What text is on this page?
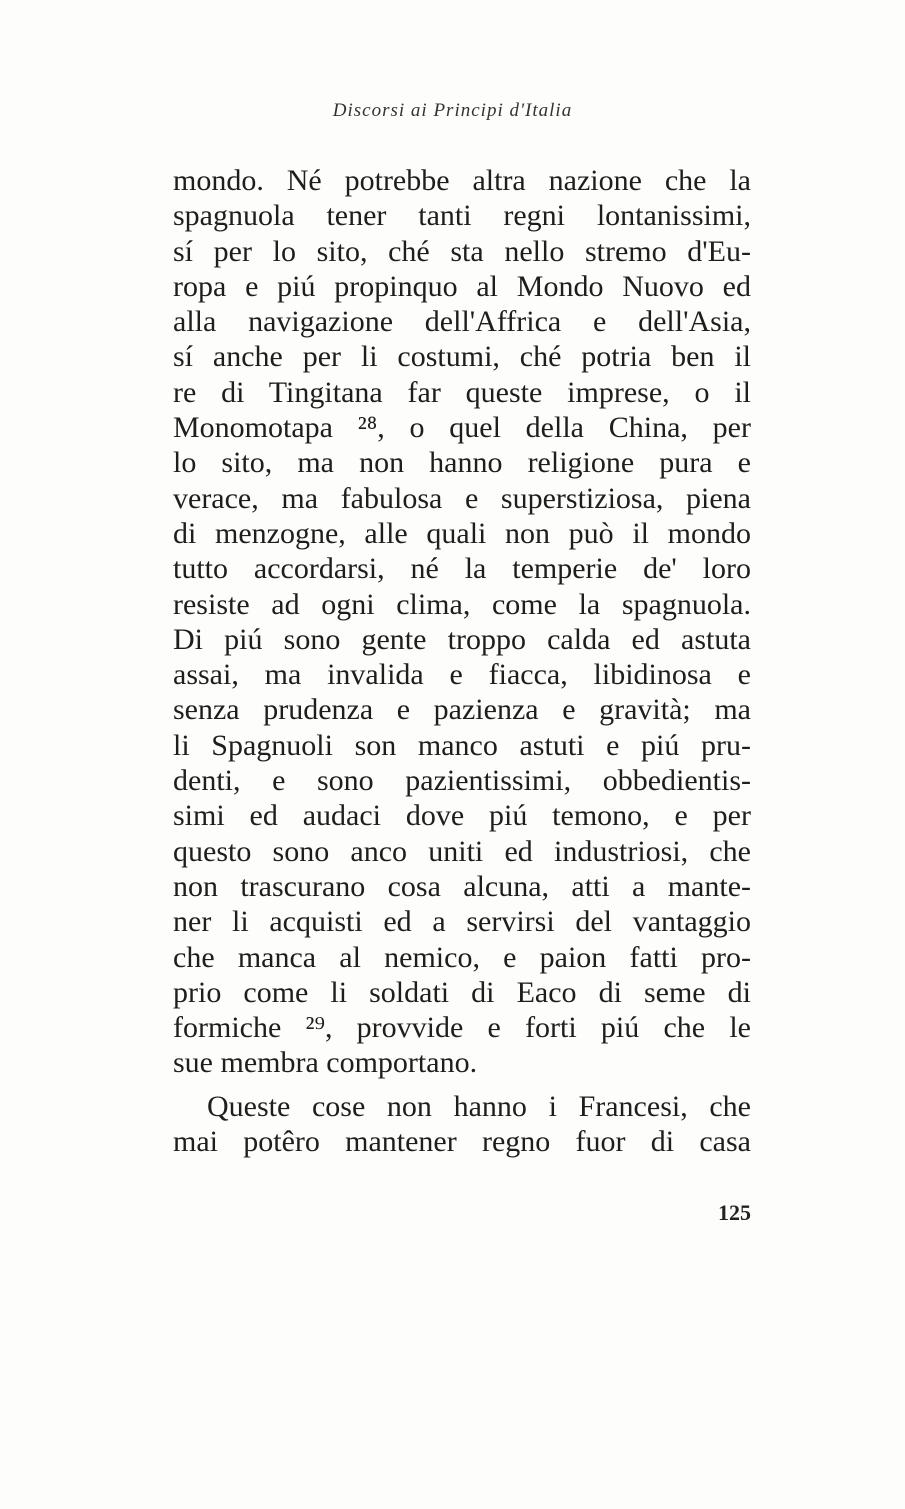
Discorsi ai Principi d'Italia
mondo. Né potrebbe altra nazione che la
spagnuola tener tanti regni lontanissimi,
sí per lo sito, ché sta nello stremo d'Eu-
ropa e piú propinquo al Mondo Nuovo ed
alla navigazione dell'Affrica e dell'Asia,
sí anche per li costumi, ché potria ben il
re di Tingitana far queste imprese, o il
Monomotapa ²⁸, o quel della China, per
lo sito, ma non hanno religione pura e
verace, ma fabulosa e superstiziosa, piena
di menzogne, alle quali non può il mondo
tutto accordarsi, né la temperie de' loro
resiste ad ogni clima, come la spagnuola.
Di piú sono gente troppo calda ed astuta
assai, ma invalida e fiacca, libidinosa e
senza prudenza e pazienza e gravità; ma
li Spagnuoli son manco astuti e piú pru-
denti, e sono pazientissimi, obbedientis-
simi ed audaci dove piú temono, e per
questo sono anco uniti ed industriosi, che
non trascurano cosa alcuna, atti a mante-
ner li acquisti ed a servirsi del vantaggio
che manca al nemico, e paion fatti pro-
prio come li soldati di Eaco di seme di
formiche ²⁹, provvide e forti piú che le
sue membra comportano.
Queste cose non hanno i Francesi, che
mai potêro mantener regno fuor di casa
125
